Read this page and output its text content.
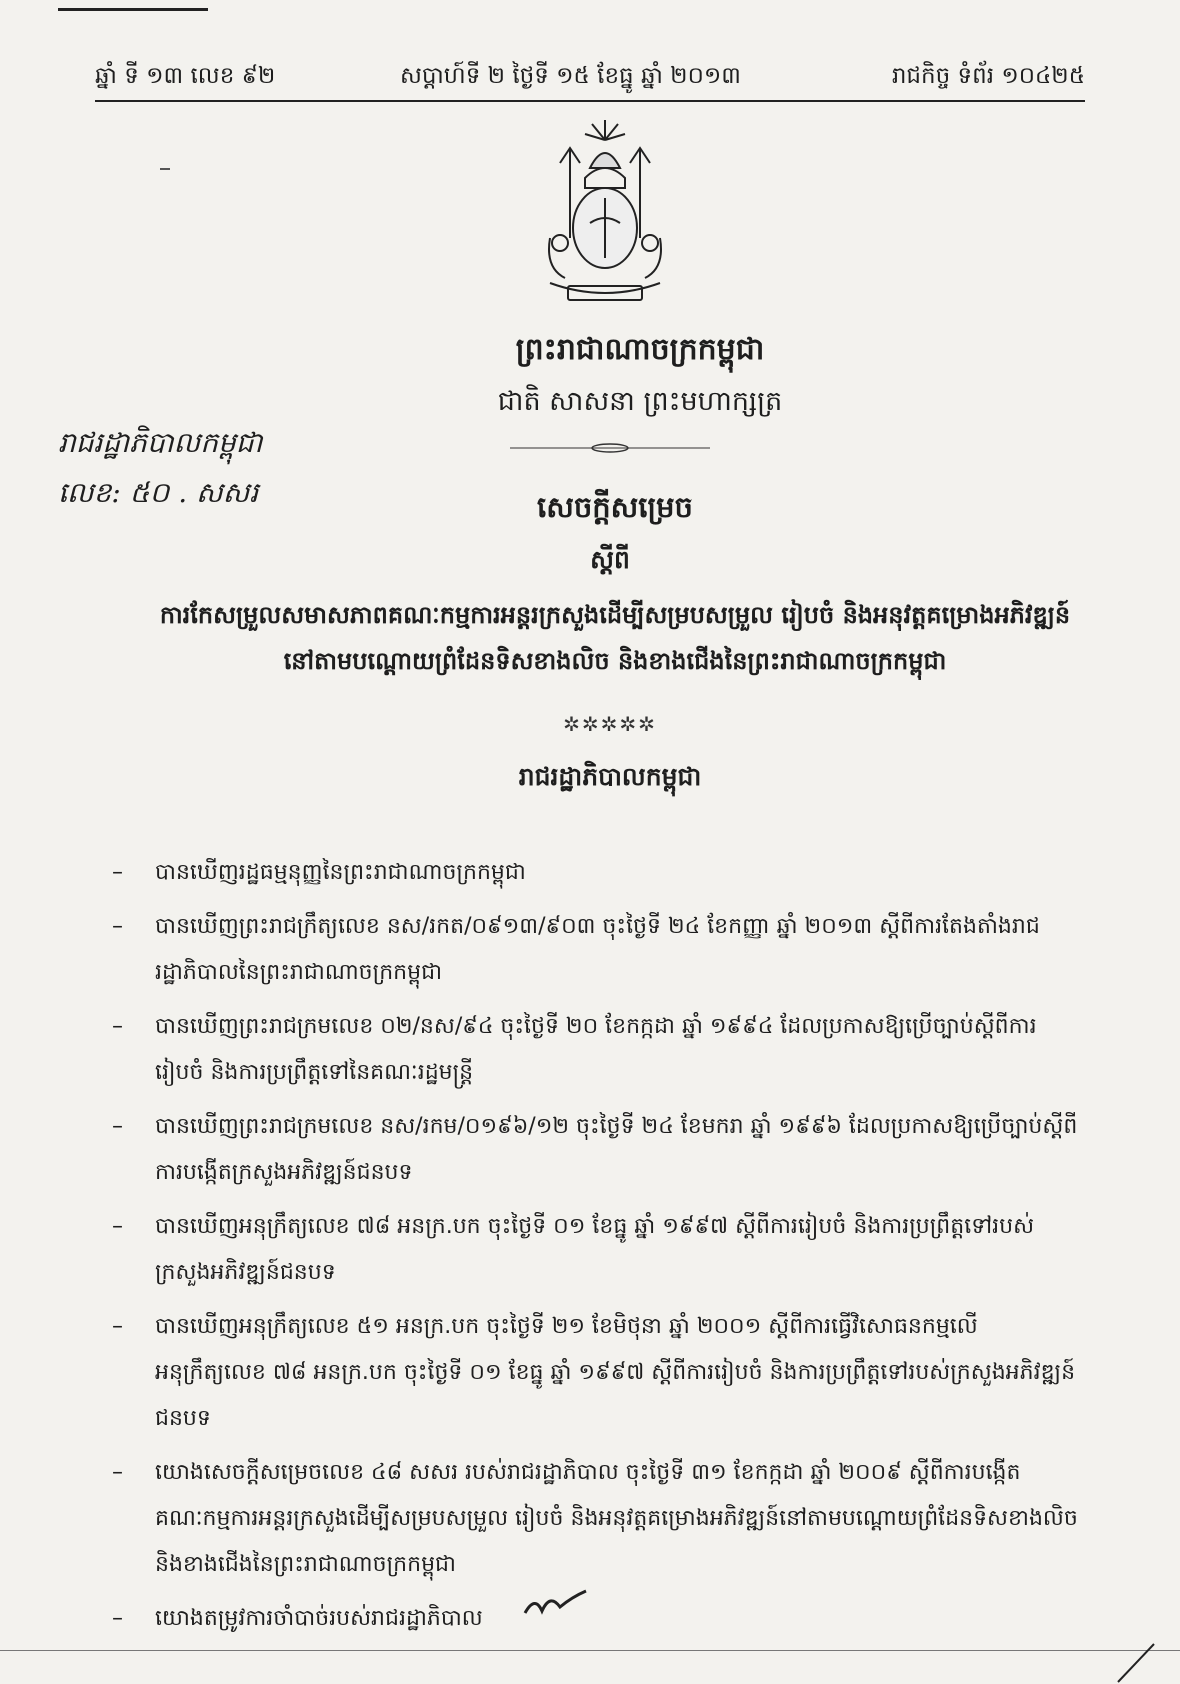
ឆ្នាំ ទី ១៣ លេខ ៩២	សប្តាហ៍ទី ២ ថ្ងៃទី ១៥ ខែធ្នូ ឆ្នាំ ២០១៣	រាជកិច្ច ទំព័រ ១០៤២៥
ព្រះរាជាណាចក្រកម្ពុជា
ជាតិ សាសនា ព្រះមហាក្សត្រ
រាជរដ្ឋាភិបាលកម្ពុជា
លេខ: ៥០ . សសរ	សេចក្តីសម្រេច
ស្តីពី
ការកែសម្រួលសមាសភាពគណៈកម្មការអន្តរក្រសួងដើម្បីសម្របសម្រួល រៀបចំ និងអនុវត្តគម្រោងអភិវឌ្ឍន៍នៅតាមបណ្តោយព្រំដែនទិសខាងលិច និងខាងជើងនៃព្រះរាជាណាចក្រកម្ពុជា
✲✲✲✲✲
រាជរដ្ឋាភិបាលកម្ពុជា
– បានឃើញរដ្ឋធម្មនុញ្ញនៃព្រះរាជាណាចក្រកម្ពុជា
– បានឃើញព្រះរាជក្រឹត្យលេខ នស/រកត/០៩១៣/៩០៣ ចុះថ្ងៃទី ២៤ ខែកញ្ញា ឆ្នាំ ២០១៣ ស្តីពីការតែងតាំងរាជរដ្ឋាភិបាលនៃព្រះរាជាណាចក្រកម្ពុជា
– បានឃើញព្រះរាជក្រមលេខ ០២/នស/៩៤ ចុះថ្ងៃទី ២០ ខែកក្កដា ឆ្នាំ ១៩៩៤ ដែលប្រកាសឱ្យប្រើច្បាប់ស្តីពីការរៀបចំ និងការប្រព្រឹត្តទៅនៃគណៈរដ្ឋមន្ត្រី
– បានឃើញព្រះរាជក្រមលេខ នស/រកម/០១៩៦/១២ ចុះថ្ងៃទី ២៤ ខែមករា ឆ្នាំ ១៩៩៦ ដែលប្រកាសឱ្យប្រើច្បាប់ស្តីពីការបង្កើតក្រសួងអភិវឌ្ឍន៍ជនបទ
– បានឃើញអនុក្រឹត្យលេខ ៧៨ អនក្រ.បក ចុះថ្ងៃទី ០១ ខែធ្នូ ឆ្នាំ ១៩៩៧ ស្តីពីការរៀបចំ និងការប្រព្រឹត្តទៅរបស់ក្រសួងអភិវឌ្ឍន៍ជនបទ
– បានឃើញអនុក្រឹត្យលេខ ៥១ អនក្រ.បក ចុះថ្ងៃទី ២១ ខែមិថុនា ឆ្នាំ ២០០១ ស្តីពីការធ្វើវិសោធនកម្មលើអនុក្រឹត្យលេខ ៧៨ អនក្រ.បក ចុះថ្ងៃទី ០១ ខែធ្នូ ឆ្នាំ ១៩៩៧ ស្តីពីការរៀបចំ និងការប្រព្រឹត្តទៅរបស់ក្រសួងអភិវឌ្ឍន៍ជនបទ
– យោងសេចក្តីសម្រេចលេខ ៤៨ សសរ របស់រាជរដ្ឋាភិបាល ចុះថ្ងៃទី ៣១ ខែកក្កដា ឆ្នាំ ២០០៩ ស្តីពីការបង្កើតគណៈកម្មការអន្តរក្រសួងដើម្បីសម្របសម្រួល រៀបចំ និងអនុវត្តគម្រោងអភិវឌ្ឍន៍នៅតាមបណ្តោយព្រំដែនទិសខាងលិច និងខាងជើងនៃព្រះរាជាណាចក្រកម្ពុជា
– យោងតម្រូវការចាំបាច់របស់រាជរដ្ឋាភិបាល
